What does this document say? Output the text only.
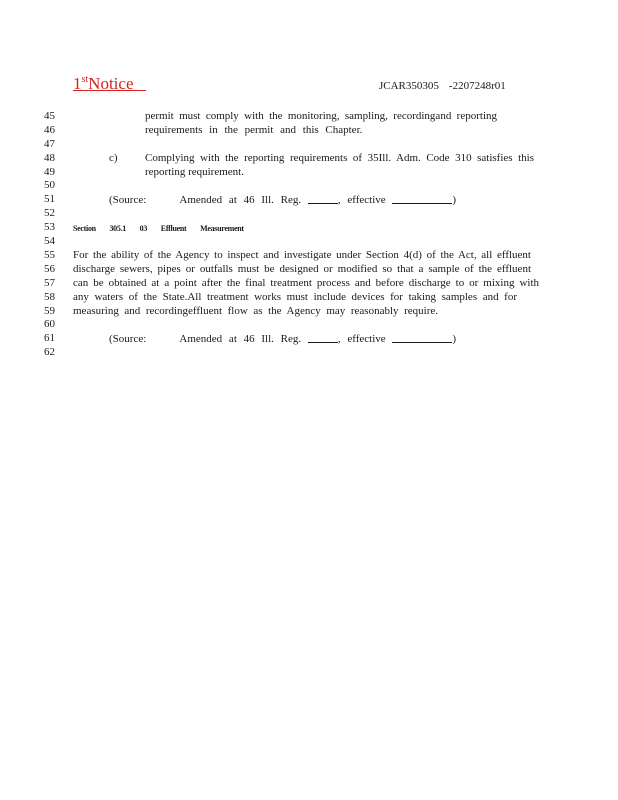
1stNotice	JCAR350305 -2207248r01
45
46
47
48
49
50
51
52
53
54
55
56
57
58
59
60
61
62
permit must comply with the monitoring, sampling, recordingand reporting
requirements in the permit and this Chapter.
c) Complying with the reporting requirements of 35Ill. Adm. Code 310 satisfies this
reporting requirement.
(Source:	Amended at 46 Ill. Reg.	, effective	)
Section 305.1 03 Effluent Measurement
For the ability of the Agency to inspect and investigate under Section 4(d) of the Act, all effluent
discharge sewers, pipes or outfalls must be designed or modified so that a sample of the effluent
can be obtained at a point after the final treatment process and before discharge to or mixing with
any waters of the State.All treatment works must include devices for taking samples and for
measuring and recordingeffluent flow as the Agency may reasonably require.
(Source:	Amended at 46 Ill. Reg.	, effective	)
